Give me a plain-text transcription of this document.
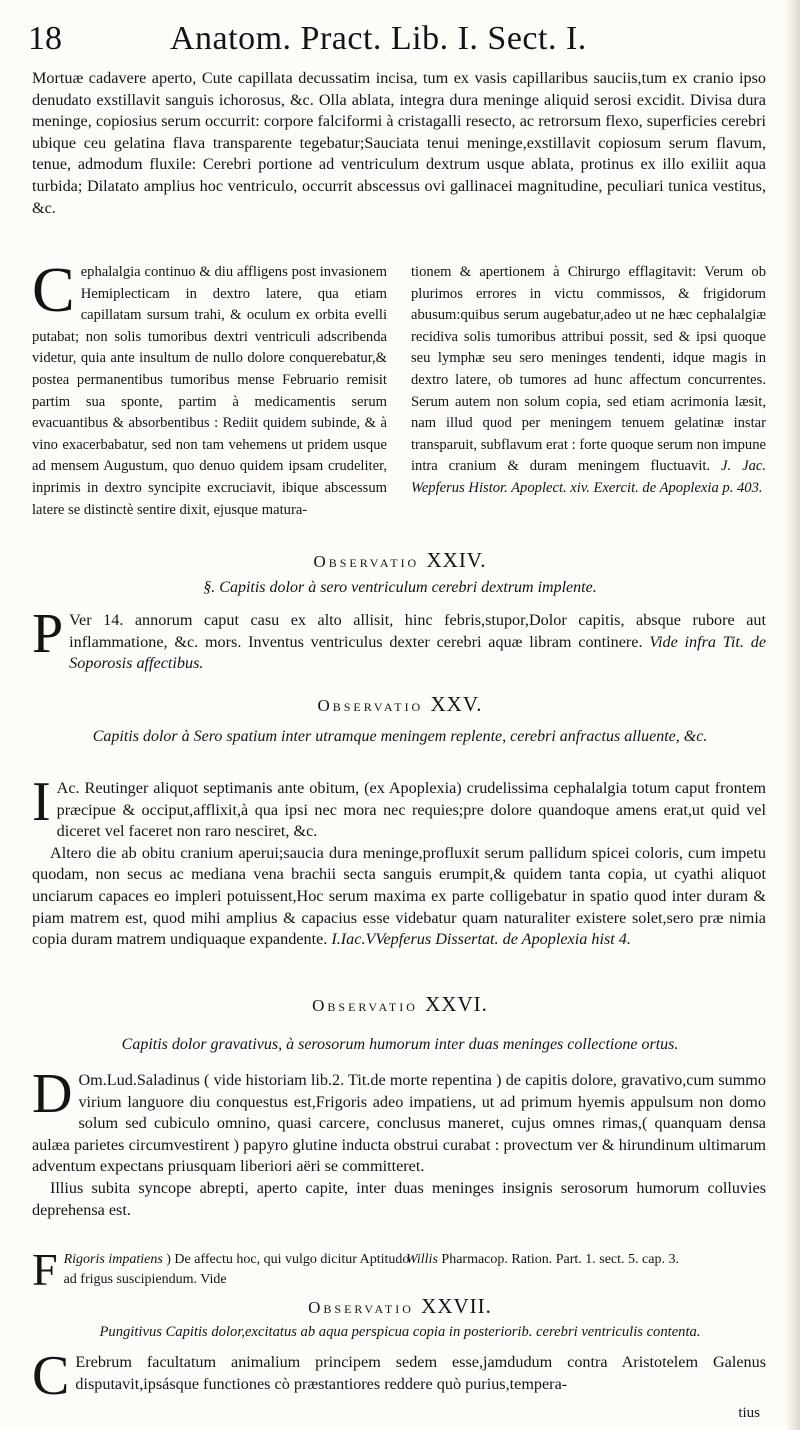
18	Anatom. Pract. Lib. I. Sect. I.

Mortuæ cadavere aperto, Cute capillata decussatim incisa, tum ex vasis capillaribus sauciis,tum ex cranio ipso denudato exstillavit sanguis ichorosus, &c. Olla ablata, integra dura meninge aliquid serosi excidit. Divisa dura meninge, copiosius serum occurrit: corpore falciformi à cristagalli resecto, ac retrorsum flexo, superficies cerebri ubique ceu gelatina flava transparente tegebatur;Sauciata tenui meninge,exstillavit copiosum serum flavum, tenue, admodum fluxile: Cerebri portione ad ventriculum dextrum usque ablata, protinus ex illo exiliit aqua turbida; Dilatato amplius hoc ventriculo, occurrit abscessus ovi gallinacei magnitudine, peculiari tunica vestitus, &c.

Cephalalgia continuo & diu affligens post invasionem Hemiplecticam in dextro latere, qua etiam capillatam sursum trahi, & oculum ex orbita evelli putabat; non solis tumoribus dextri ventriculi adscribenda videtur, quia ante insultum de nullo dolore conquerebatur,& postea permanentibus tumoribus mense Februario remisit partim sua sponte, partim à medicamentis serum evacuantibus & absorbentibus : Rediit quidem subinde, & à vino exacerbabatur, sed non tam vehemens ut pridem usque ad mensem Augustum, quo denuo quidem ipsam crudeliter, inprimis in dextro syncipite excruciavit, ibique abscessum latere se distinctè sentire dixit, ejusque matura-
tionem & apertionem à Chirurgo efflagitavit: Verum ob plurimos errores in victu commissos, & frigidorum abusum:quibus serum augebatur,adeo ut ne hæc cephalalgiæ recidiva solis tumoribus attribui possit, sed & ipsi quoque seu lymphæ seu sero meninges tendenti, idque magis in dextro latere, ob tumores ad hunc affectum concurrentes. Serum autem non solum copia, sed etiam acrimonia læsit, nam illud quod per meningem tenuem gelatinæ instar transparuit, subflavum erat : forte quoque serum non impune intra cranium & duram meningem fluctuavit. J. Jac. Wepferus Histor. Apoplect. xiv. Exercit. de Apoplexia p. 403.
Observatio XXIV.
§. Capitis dolor à sero ventriculum cerebri dextrum implente.
P Ver 14. annorum caput casu ex alto allisit, hinc febris,stupor,Dolor capitis, absque rubore aut inflammatione, &c. mors. Inventus ventriculus dexter cerebri aquæ libram continere. Vide infra Tit. de Soporosis affectibus.
Observatio XXV.
Capitis dolor à Sero spatium inter utramque meningem replente, cerebri anfractus alluente, &c.

I Ac. Reutinger aliquot septimanis ante obitum, (ex Apoplexia) crudelissima cephalalgia totum caput frontem præcipue & occiput,afflixit,à qua ipsi nec mora nec requies;pre dolore quandoque amens erat,ut quid vel diceret vel faceret non raro nesciret, &c.

Altero die ab obitu cranium aperui;saucia dura meninge,profluxit serum pallidum spicei coloris, cum impetu quodam, non secus ac mediana vena brachii secta sanguis erumpit,& quidem tanta copia, ut cyathi aliquot unciarum capaces eo impleri potuissent,Hoc serum maxima ex parte colligebatur in spatio quod inter duram & piam matrem est, quod mihi amplius & capacius esse videbatur quam naturaliter existere solet,sero præ nimia copia duram matrem undiquaque expandente. I.Iac.VVepferus Dissertat. de Apoplexia hist 4.

Observatio XXVI.
Capitis dolor gravativus, à serosorum humorum inter duas meninges collectione ortus.

D Om.Lud.Saladinus ( vide historiam lib.2. Tit.de morte repentina ) de capitis dolore, gravativo,cum summo virium languore diu conquestus est,Frigoris adeo impatiens, ut ad primum hyemis appulsum non domo solum sed cubiculo omnino, quasi carcere, conclusus maneret, cujus omnes rimas,( quanquam densa aulæa parietes circumvestirent ) papyro glutine inducta obstrui curabat : provectum ver & hirundinum ultimarum adventum expectans priusquam liberiori aëri se committeret.

Illius subita syncope abrepti, aperto capite, inter duas meninges insignis serosorum humorum colluvies deprehensa est.

F Rigoris impatiens ) De affectu hoc, qui vulgo dicitur Aptitudo ad frigus suscipiendum. Vide
Willis Pharmacop. Ration. Part. 1. sect. 5. cap. 3.
Observatio XXVII.
Pungitivus Capitis dolor,excitatus ab aqua perspicua copia in posteriorib. cerebri ventriculis contenta.
C Erebrum facultatum animalium principem sedem esse,jamdudum contra Aristotelem Galenus disputavit,ipsásque functiones cò præstantiores reddere quò purius,tempera-
tius
